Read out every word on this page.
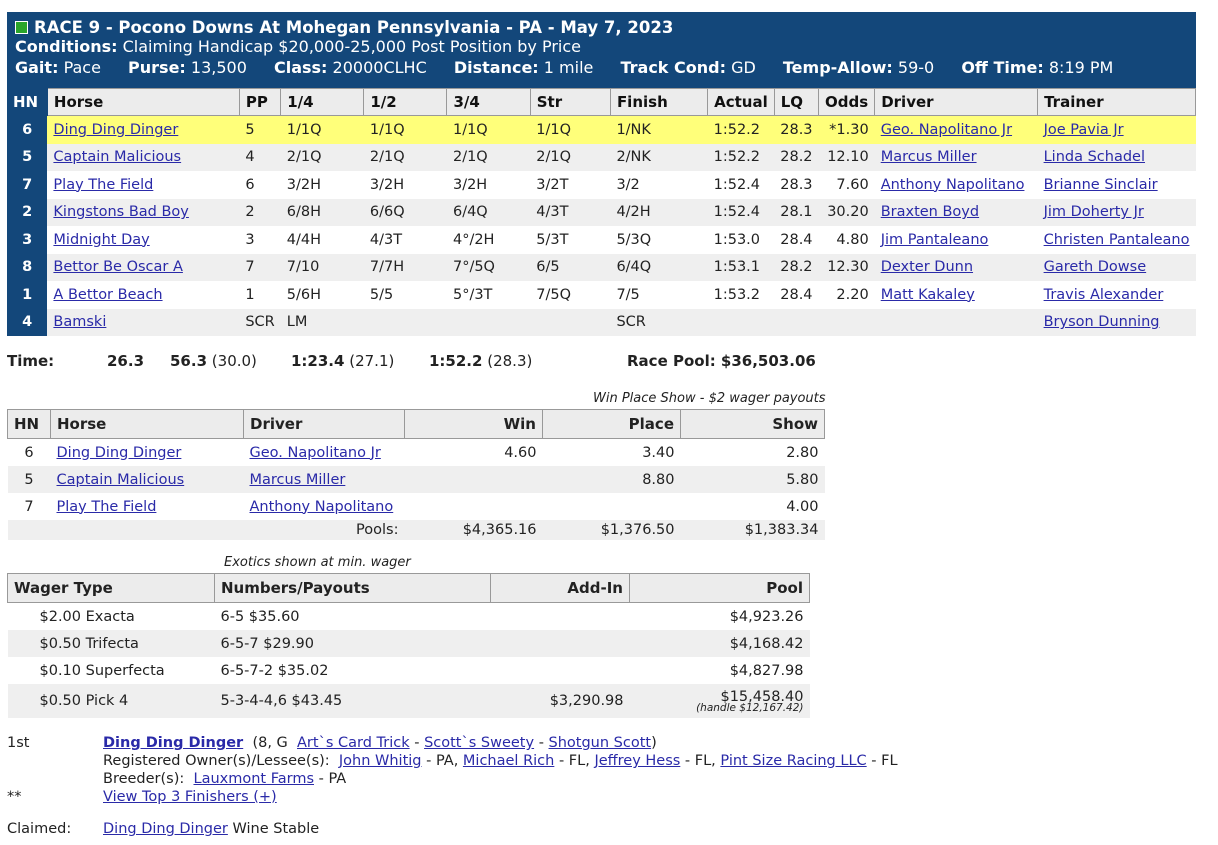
RACE 9 - Pocono Downs At Mohegan Pennsylvania - PA - May 7, 2023
Conditions: Claiming Handicap $20,000-25,000 Post Position by Price
Gait: Pace Purse: 13,500 Class: 20000CLHC Distance: 1 mile Track Cond: GD Temp-Allow: 59-0 Off Time: 8:19 PM
HN	Horse	PP	1/4	1/2	3/4	Str	Finish	Actual	LQ	Odds	Driver	Trainer
6	Ding Ding Dinger	5	1/1Q	1/1Q	1/1Q	1/1Q	1/NK	1:52.2	28.3	*1.30	Geo. Napolitano Jr	Joe Pavia Jr
5	Captain Malicious	4	2/1Q	2/1Q	2/1Q	2/1Q	2/NK	1:52.2	28.2	12.10	Marcus Miller	Linda Schadel
7	Play The Field	6	3/2H	3/2H	3/2H	3/2T	3/2	1:52.4	28.3	7.60	Anthony Napolitano	Brianne Sinclair
2	Kingstons Bad Boy	2	6/8H	6/6Q	6/4Q	4/3T	4/2H	1:52.4	28.1	30.20	Braxten Boyd	Jim Doherty Jr
3	Midnight Day	3	4/4H	4/3T	4°/2H	5/3T	5/3Q	1:53.0	28.4	4.80	Jim Pantaleano	Christen Pantaleano
8	Bettor Be Oscar A	7	7/10	7/7H	7°/5Q	6/5	6/4Q	1:53.1	28.2	12.30	Dexter Dunn	Gareth Dowse
1	A Bettor Beach	1	5/6H	5/5	5°/3T	7/5Q	7/5	1:53.2	28.4	2.20	Matt Kakaley	Travis Alexander
4	Bamski	SCR	LM				SCR					Bryson Dunning
Time:	26.3 56.3 (30.0) 1:23.4 (27.1) 1:52.2 (28.3)	Race Pool: $36,503.06
Win Place Show - $2 wager payouts
HN	Horse	Driver	Win	Place	Show
6	Ding Ding Dinger	Geo. Napolitano Jr	4.60	3.40	2.80
5	Captain Malicious	Marcus Miller		8.80	5.80
7	Play The Field	Anthony Napolitano			4.00
		Pools:	$4,365.16	$1,376.50	$1,383.34
Exotics shown at min. wager
Wager Type	Numbers/Payouts	Add-In	Pool
$2.00 Exacta	6-5 $35.60		$4,923.26
$0.50 Trifecta	6-5-7 $29.90		$4,168.42
$0.10 Superfecta	6-5-7-2 $35.02		$4,827.98
$0.50 Pick 4	5-3-4-4,6 $43.45	$3,290.98	$15,458.40
(handle $12,167.42)
1st	Ding Ding Dinger (8, G Art`s Card Trick - Scott`s Sweety - Shotgun Scott)
Registered Owner(s)/Lessee(s): John Whitig - PA, Michael Rich - FL, Jeffrey Hess - FL, Pint Size Racing LLC - FL
Breeder(s): Lauxmont Farms - PA
**	View Top 3 Finishers (+)
Claimed: Ding Ding Dinger Wine Stable
